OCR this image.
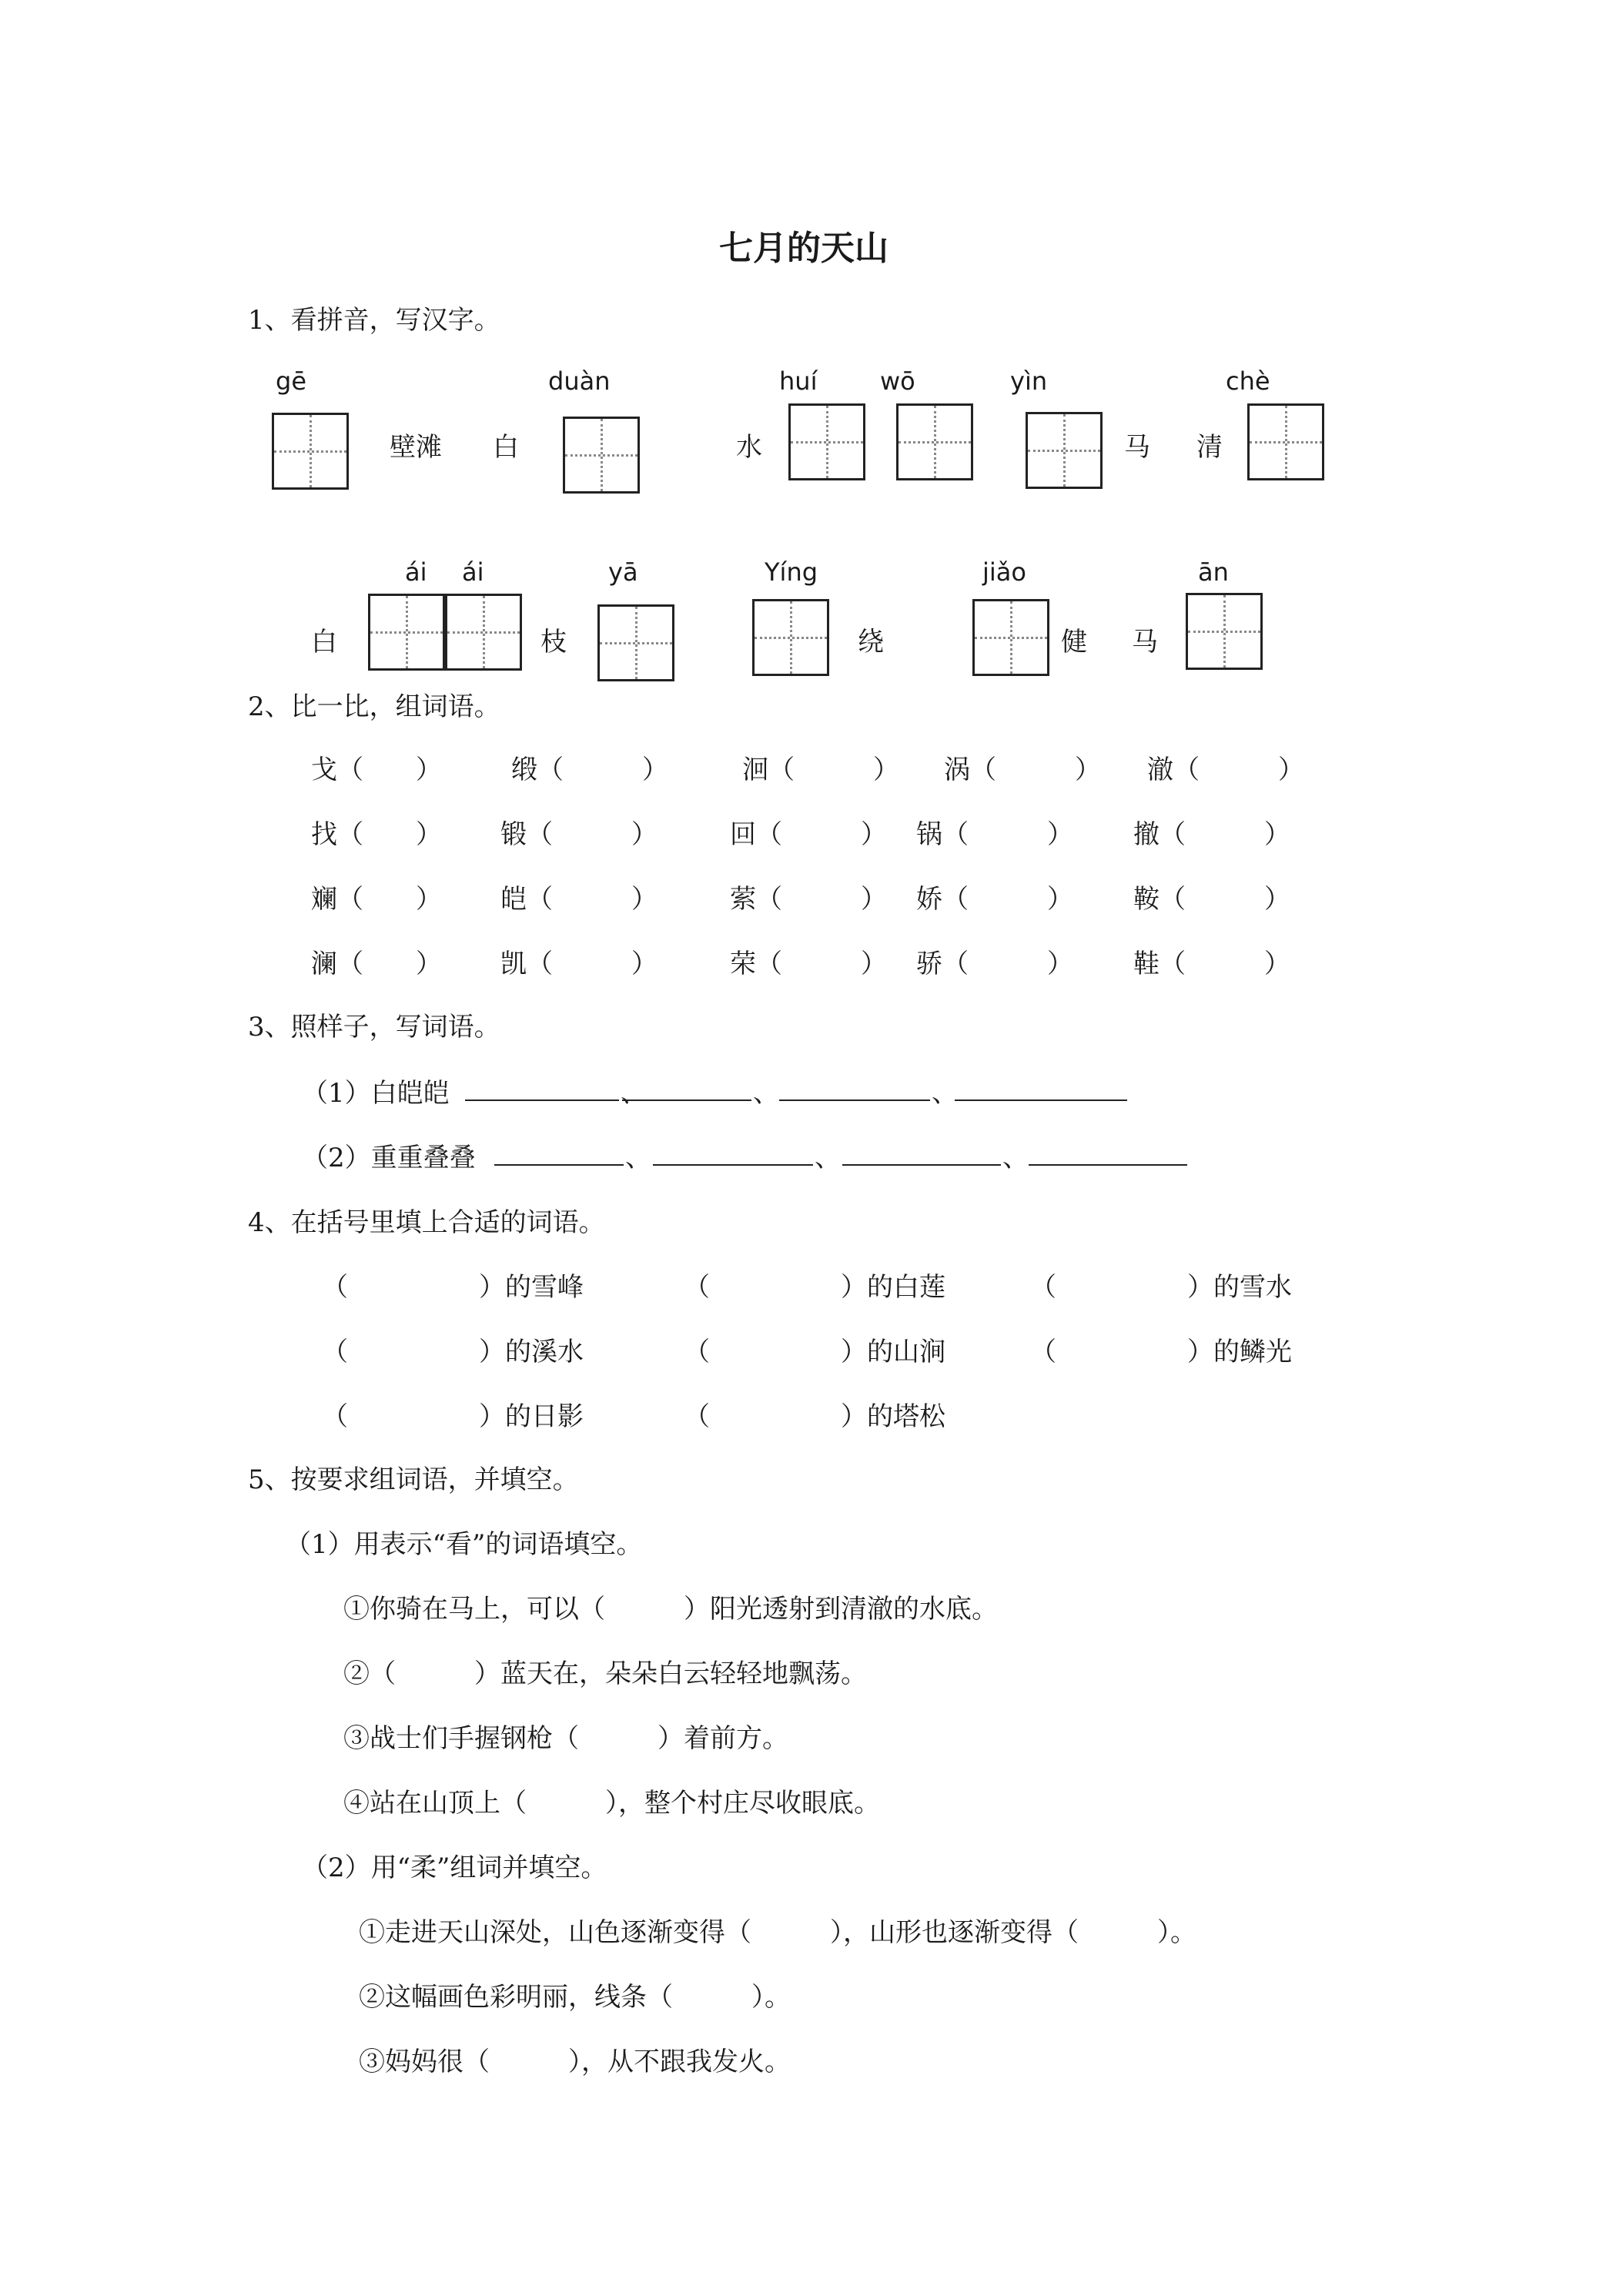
七月的天山
1、看拼音，写汉字。
gē	duàn	huí	wō	yìn	chè
壁滩 白	水	马 清
ái ái	yā	Yíng	jiǎo	ān
白	枝	绕	健 马
2、比一比，组词语。
戈（　　）	缎（　　　）	洄（　　　） 涡（　　　） 澈（　　　）
找（　　） 锻（　　　）	回（　　　） 锅（　　　） 撤（　　　）
斓（　　） 皑（　　　）	萦（　　　） 娇（　　　） 鞍（　　　）
澜（　　） 凯（　　　）	荣（　　　） 骄（　　　） 鞋（　　　）
3、照样子，写词语。
（1）白皑皑	、	、	、
（2）重重叠叠	、	、	、
4、在括号里填上合适的词语。
（　　　　　）的雪峰	（　　　　　）的白莲	（　　　　　）的雪水
（　　　　　）的溪水	（　　　　　）的山涧	（　　　　　）的鳞光
（　　　　　）的日影	（　　　　　）的塔松
5、按要求组词语，并填空。
（1）用表示“看”的词语填空。
①你骑在马上，可以（　　　）阳光透射到清澈的水底。
②（　　　）蓝天在，朵朵白云轻轻地飘荡。
③战士们手握钢枪（　　　）着前方。
④站在山顶上（　　　），整个村庄尽收眼底。
（2）用“柔”组词并填空。
①走进天山深处，山色逐渐变得（　　　），山形也逐渐变得（　　　）。
②这幅画色彩明丽，线条（　　　）。
③妈妈很（　　　），从不跟我发火。
